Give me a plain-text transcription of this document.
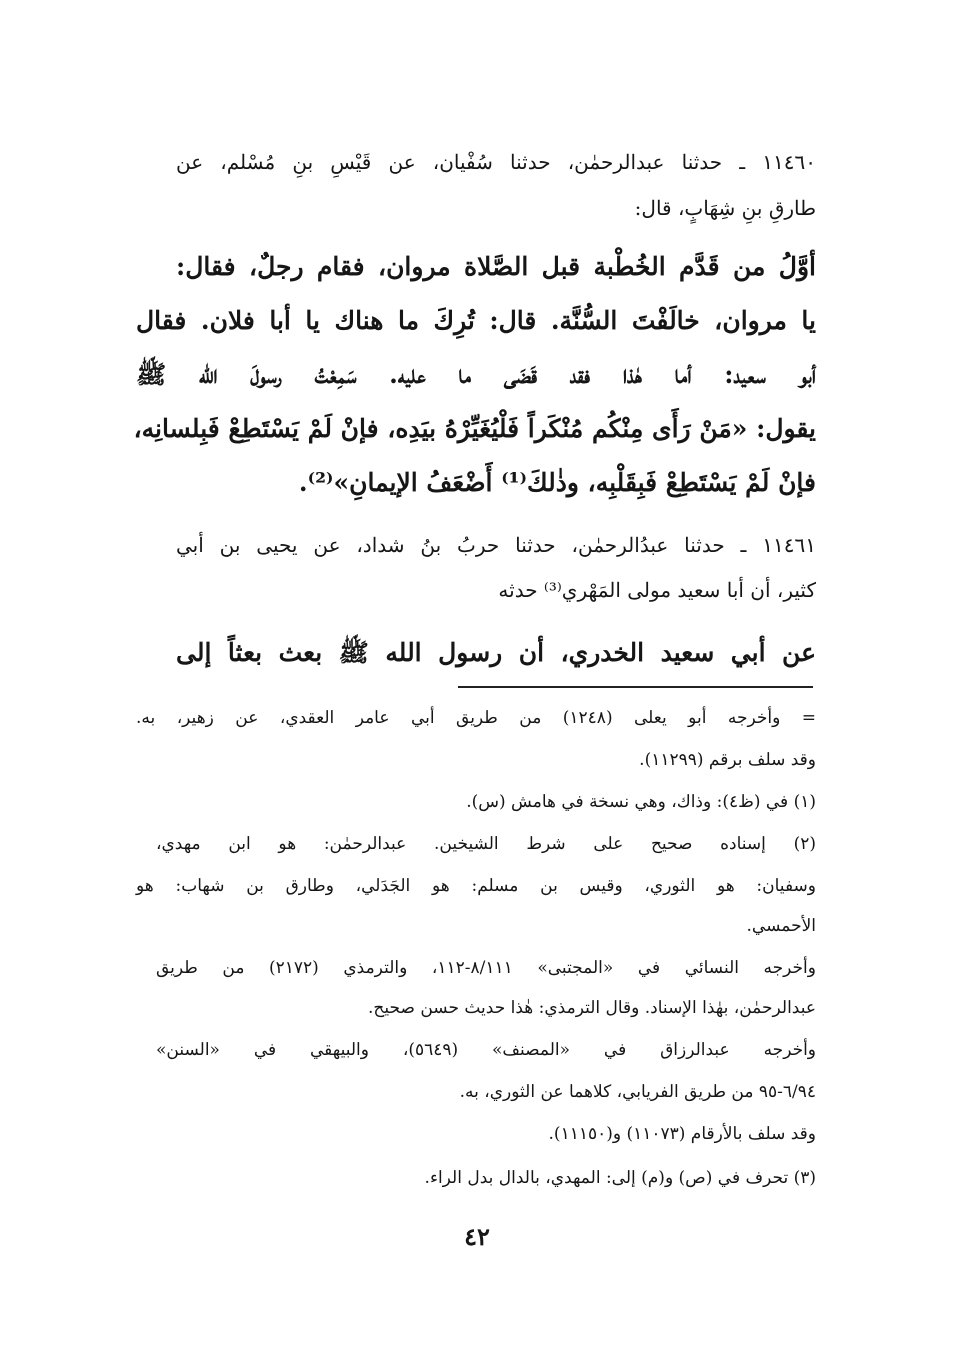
١١٤٦٠ ـ حدثنا عبدالرحمٰن، حدثنا سُفْيان، عن قَيْسِ بنِ مُسْلم، عن
طارقِ بنِ شِهَابٍ، قال:
أوَّلُ من قَدَّم الخُطْبة قبل الصَّلاة مروان، فقام رجلٌ، فقال:
يا مروان، خالَفْتَ السُّنَّة. قال: تُرِكَ ما هناك يا أبا فلان. فقال
أبو سعيد: أما هٰذا فقد قَضَى ما عليه. سَمِعْتُ رسولَ الله ﷺ
يقول: «مَنْ رَأَى مِنْكُم مُنْكَراً فَلْيُغَيِّرْهُ بيَدِه، فإنْ لَمْ يَسْتَطِعْ فَبِلسانِه،
فإنْ لَمْ يَسْتَطِعْ فَبِقَلْبِه، وذٰلكَ⁽¹⁾ أَضْعَفُ الإيمانِ»⁽²⁾.
١١٤٦١ ـ حدثنا عبدُالرحمٰن، حدثنا حربُ بنُ شداد، عن يحيى بن أبي
كثير، أن أبا سعيد مولى المَهْري⁽³⁾ حدثه
عن أبي سعيد الخدري، أن رسول الله ﷺ بعث بعثاً إلى
= وأخرجه أبو يعلى (١٢٤٨) من طريق أبي عامر العقدي، عن زهير، به.
وقد سلف برقم (١١٢٩٩).
(١) في (ظ٤): وذاك، وهي نسخة في هامش (س).
(٢) إسناده صحيح على شرط الشيخين. عبدالرحمٰن: هو ابن مهدي،
وسفيان: هو الثوري، وقيس بن مسلم: هو الجَدَلي، وطارق بن شهاب: هو
الأحمسي.
وأخرجه النسائي في «المجتبى» ٨/١١١-١١٢، والترمذي (٢١٧٢) من طريق
عبدالرحمٰن، بهٰذا الإسناد. وقال الترمذي: هٰذا حديث حسن صحيح.
وأخرجه عبدالرزاق في «المصنف» (٥٦٤٩)، والبيهقي في «السنن»
٦/٩٤-٩٥ من طريق الفريابي، كلاهما عن الثوري، به.
وقد سلف بالأرقام (١١٠٧٣) و(١١١٥٠).
(٣) تحرف في (ص) و(م) إلى: المهدي، بالدال بدل الراء.
٤٢
